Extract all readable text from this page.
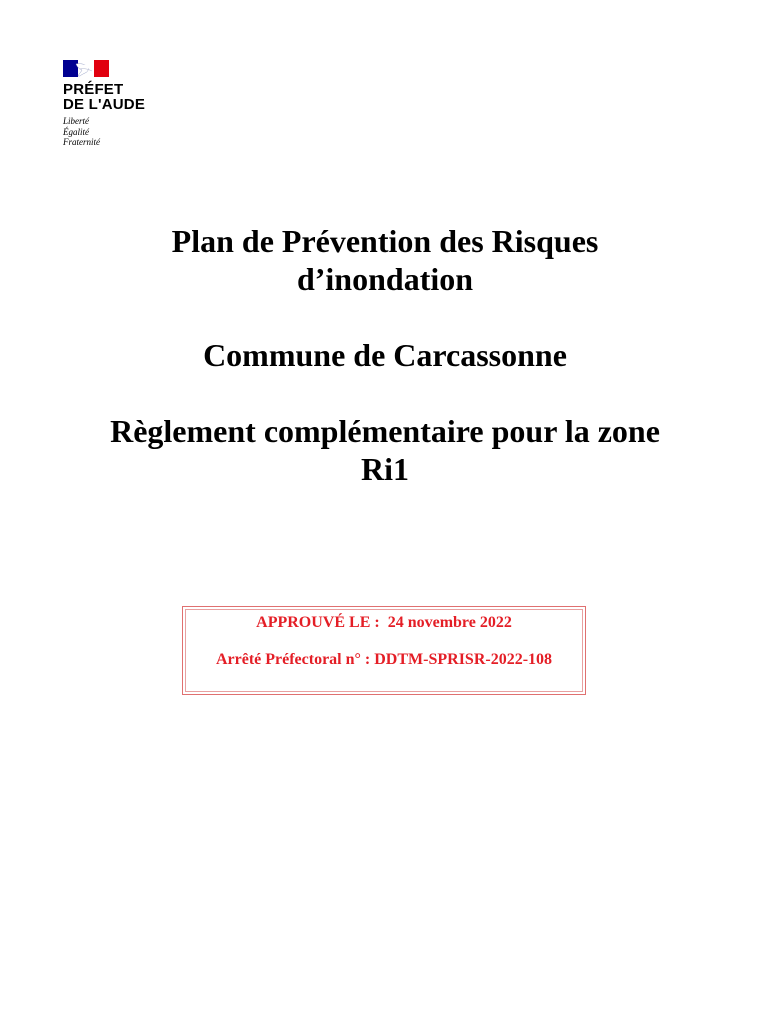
PRÉFET
DE L'AUDE
Liberté
Égalité
Fraternité
Plan de Prévention des Risques
d’inondation
Commune de Carcassonne
Règlement complémentaire pour la zone
Ri1
APPROUVÉ LE :  24 novembre 2022
Arrêté Préfectoral n° : DDTM-SPRISR-2022-108
